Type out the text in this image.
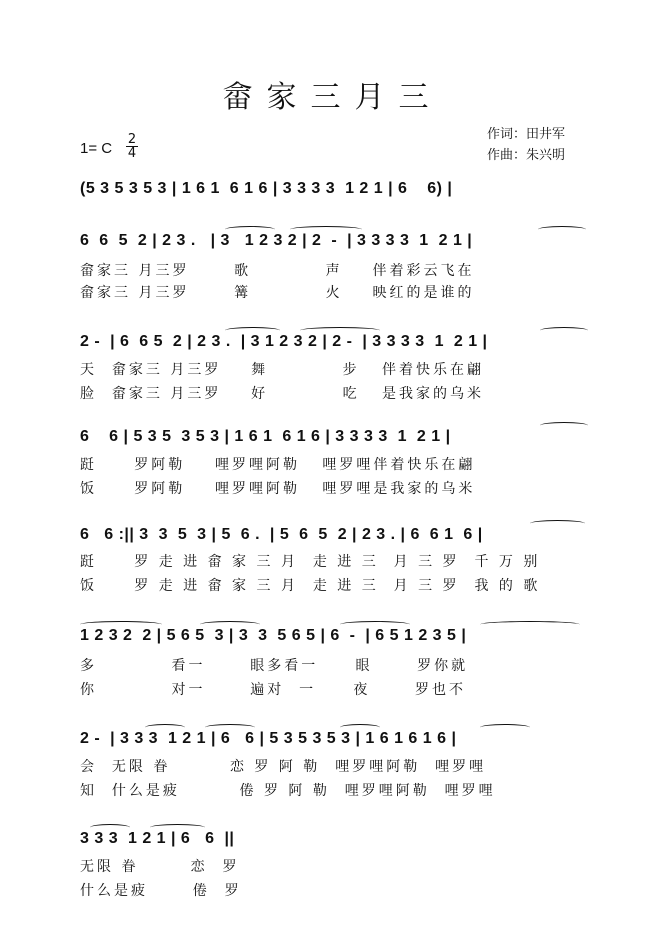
畲家三月三
1= C
2
4
作词：田井军
作曲：朱兴明
(5 3 5 3 5 3 | 1 6 1  6 1 6 | 3 3 3 3  1 2 1 | 6    6) |
6  6  5  2 | 2 3 .   | 3   1 2 3 2 | 2  -  | 3 3 3 3  1  2 1 |
畲家三 月三罗      歌          声    伴着彩云飞在
畲家三 月三罗      篝          火    映红的是谁的
2 -  | 6  6 5  2 | 2 3 .  | 3 1 2 3 2 | 2 -  | 3 3 3 3  1  2 1 |
天  畲家三 月三罗    舞          步   伴着快乐在翩
脸  畲家三 月三罗    好          吃   是我家的乌米
6    6 | 5 3 5  3 5 3 | 1 6 1  6 1 6 | 3 3 3 3  1  2 1 |
跹     罗阿勒    哩罗哩阿勒   哩罗哩伴着快乐在翩
饭     罗阿勒    哩罗哩阿勒   哩罗哩是我家的乌米
6   6 :|| 3  3  5  3 | 5  6 .  | 5  6  5  2 | 2 3 . | 6  6 1  6 |
跹     罗 走 进 畲 家 三 月  走 进 三  月 三 罗  千 万 别
饭     罗 走 进 畲 家 三 月  走 进 三  月 三 罗  我 的 歌
1 2 3 2  2 | 5 6 5  3 | 3  3  5 6 5 | 6  -  | 6 5 1 2 3 5 |
多          看一      眼多看一     眼      罗你就
你          对一      遍对  一     夜      罗也不
2 -  | 3 3 3  1 2 1 | 6   6 | 5 3 5 3 5 3 | 1 6 1 6 1 6 |
会  无限 眷        恋 罗 阿 勒  哩罗哩阿勒  哩罗哩
知  什么是疲        倦 罗 阿 勒  哩罗哩阿勒  哩罗哩
3 3 3  1 2 1 | 6   6  ||
无限 眷       恋  罗
什么是疲      倦  罗
